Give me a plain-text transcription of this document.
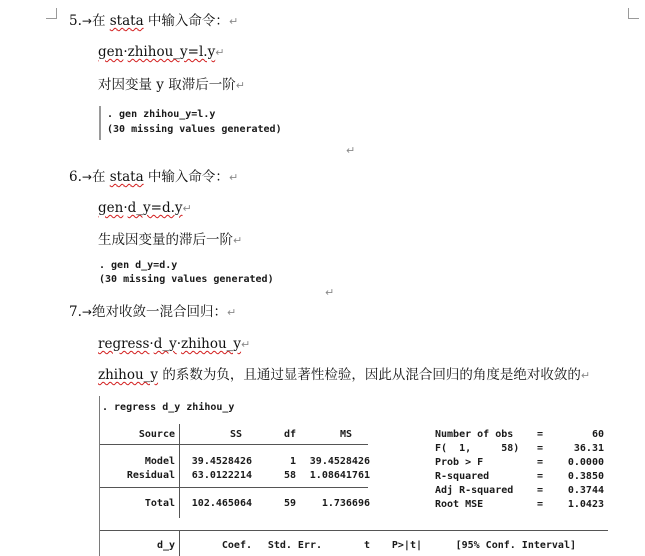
5.→在 stata 中输入命令：↵
gen·zhihou_y=l.y↵
对因变量 y 取滞后一阶↵
. gen zhihou_y=l.y
(30 missing values generated)
↵
6.→在 stata 中输入命令：↵
gen·d_y=d.y↵
生成因变量的滞后一阶↵
. gen d_y=d.y
(30 missing values generated)
↵
7.→绝对收敛一混合回归：↵
regress·d_y·zhihou_y↵
zhihou_y 的系数为负，且通过显著性检验，因此从混合回归的角度是绝对收敛的↵
. regress d_y zhihou_y
Source	SS	df	MS
Model	39.4528426	1	39.4528426
Residual	63.0122214	58	1.08641761
Total	102.465064	59	1.736696
Number of obs =	60
F(  1,     58) =	36.31
Prob > F	=	0.0000
R-squared	=	0.3850
Adj R-squared =	0.3744
Root MSE	=	1.0423
d_y	Coef.	Std. Err.	t	P>|t|	[95% Conf. Interval]
